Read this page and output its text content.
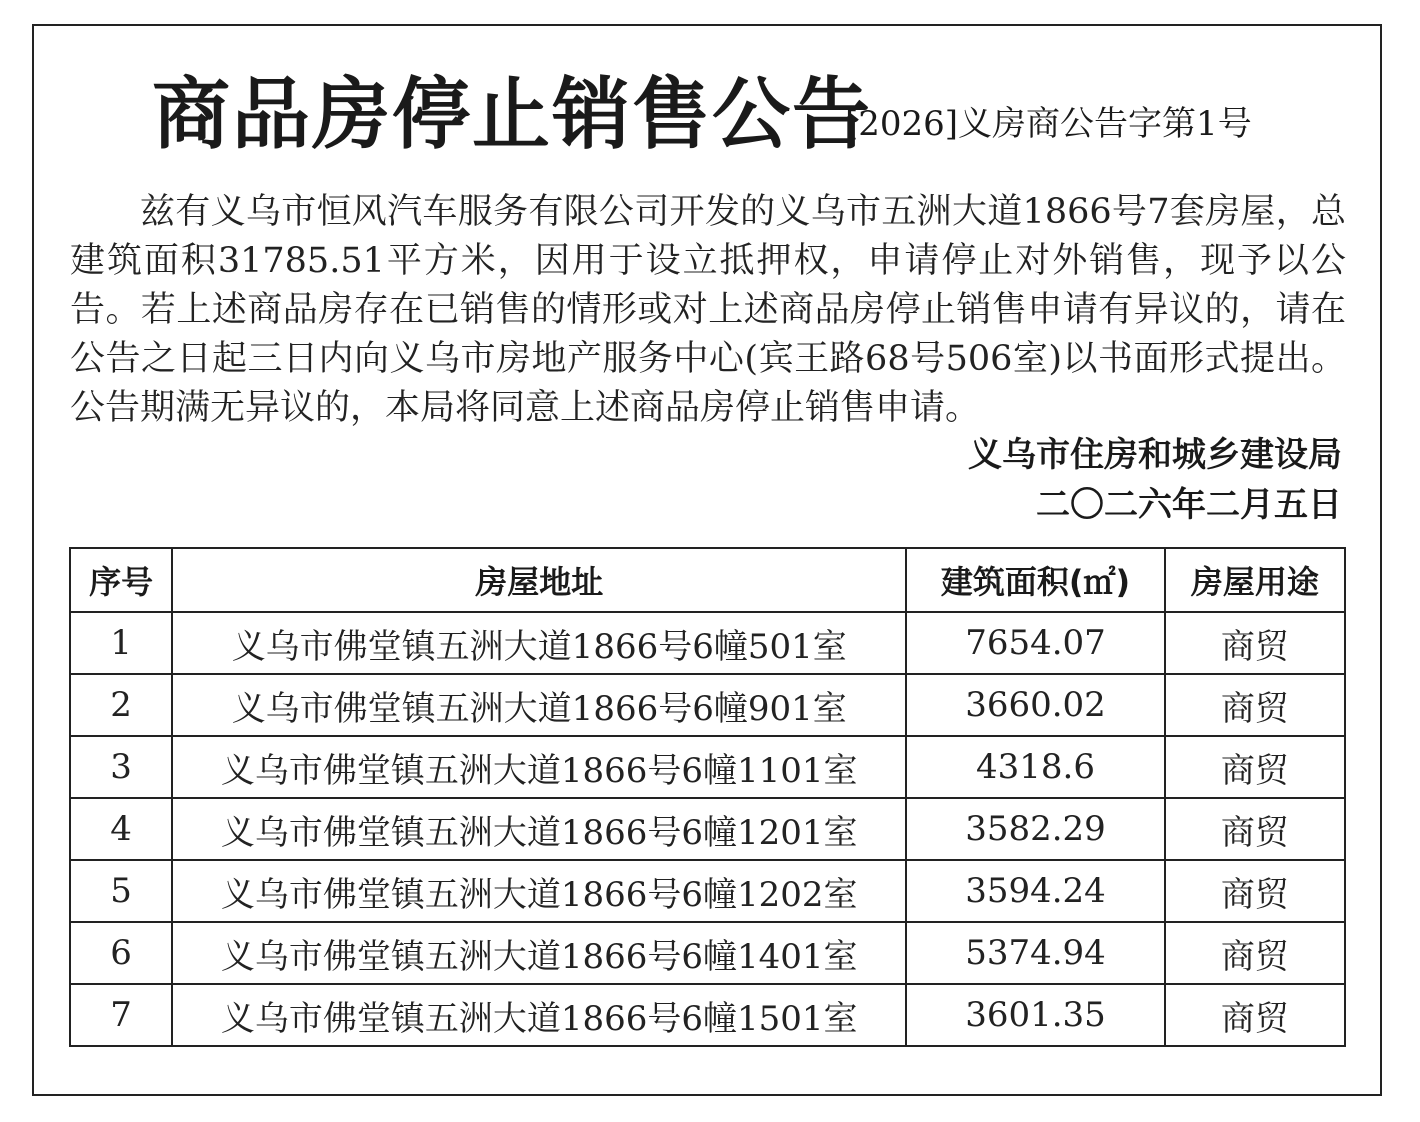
商品房停止销售公告
[2026]义房商公告字第1号

兹有义乌市恒风汽车服务有限公司开发的义乌市五洲大道1866号7套房屋，总建筑面积31785.51平方米，因用于设立抵押权，申请停止对外销售，现予以公告。若上述商品房存在已销售的情形或对上述商品房停止销售申请有异议的，请在公告之日起三日内向义乌市房地产服务中心(宾王路68号506室)以书面形式提出。公告期满无异议的，本局将同意上述商品房停止销售申请。

义乌市住房和城乡建设局
二〇二六年二月五日
序号	房屋地址	建筑面积(㎡)	房屋用途
1	义乌市佛堂镇五洲大道1866号6幢501室	7654.07	商贸
2	义乌市佛堂镇五洲大道1866号6幢901室	3660.02	商贸
3	义乌市佛堂镇五洲大道1866号6幢1101室	4318.6	商贸
4	义乌市佛堂镇五洲大道1866号6幢1201室	3582.29	商贸
5	义乌市佛堂镇五洲大道1866号6幢1202室	3594.24	商贸
6	义乌市佛堂镇五洲大道1866号6幢1401室	5374.94	商贸
7	义乌市佛堂镇五洲大道1866号6幢1501室	3601.35	商贸
